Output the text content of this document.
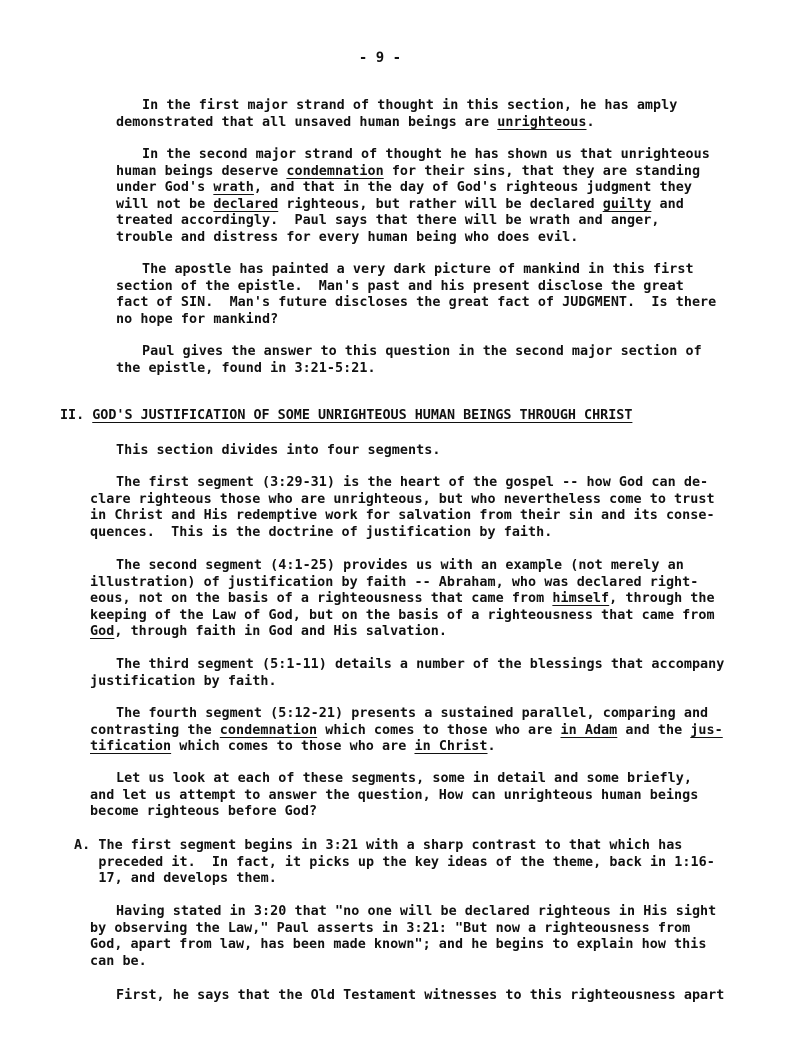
- 9 -
In the first major strand of thought in this section, he has amply
demonstrated that all unsaved human beings are unrighteous.
In the second major strand of thought he has shown us that unrighteous
human beings deserve condemnation for their sins, that they are standing
under God's wrath, and that in the day of God's righteous judgment they
will not be declared righteous, but rather will be declared guilty and
treated accordingly.  Paul says that there will be wrath and anger,
trouble and distress for every human being who does evil.
The apostle has painted a very dark picture of mankind in this first
section of the epistle.  Man's past and his present disclose the great
fact of SIN.  Man's future discloses the great fact of JUDGMENT.  Is there
no hope for mankind?
Paul gives the answer to this question in the second major section of
the epistle, found in 3:21-5:21.
II. GOD'S JUSTIFICATION OF SOME UNRIGHTEOUS HUMAN BEINGS THROUGH CHRIST
This section divides into four segments.
The first segment (3:29-31) is the heart of the gospel -- how God can de-
clare righteous those who are unrighteous, but who nevertheless come to trust
in Christ and His redemptive work for salvation from their sin and its conse-
quences.  This is the doctrine of justification by faith.
The second segment (4:1-25) provides us with an example (not merely an
illustration) of justification by faith -- Abraham, who was declared right-
eous, not on the basis of a righteousness that came from himself, through the
keeping of the Law of God, but on the basis of a righteousness that came from
God, through faith in God and His salvation.
The third segment (5:1-11) details a number of the blessings that accompany
justification by faith.
The fourth segment (5:12-21) presents a sustained parallel, comparing and
contrasting the condemnation which comes to those who are in Adam and the jus-
tification which comes to those who are in Christ.
Let us look at each of these segments, some in detail and some briefly,
and let us attempt to answer the question, How can unrighteous human beings
become righteous before God?
A. The first segment begins in 3:21 with a sharp contrast to that which has
preceded it.  In fact, it picks up the key ideas of the theme, back in 1:16-
17, and develops them.
Having stated in 3:20 that "no one will be declared righteous in His sight
by observing the Law," Paul asserts in 3:21: "But now a righteousness from
God, apart from law, has been made known"; and he begins to explain how this
can be.
First, he says that the Old Testament witnesses to this righteousness apart
